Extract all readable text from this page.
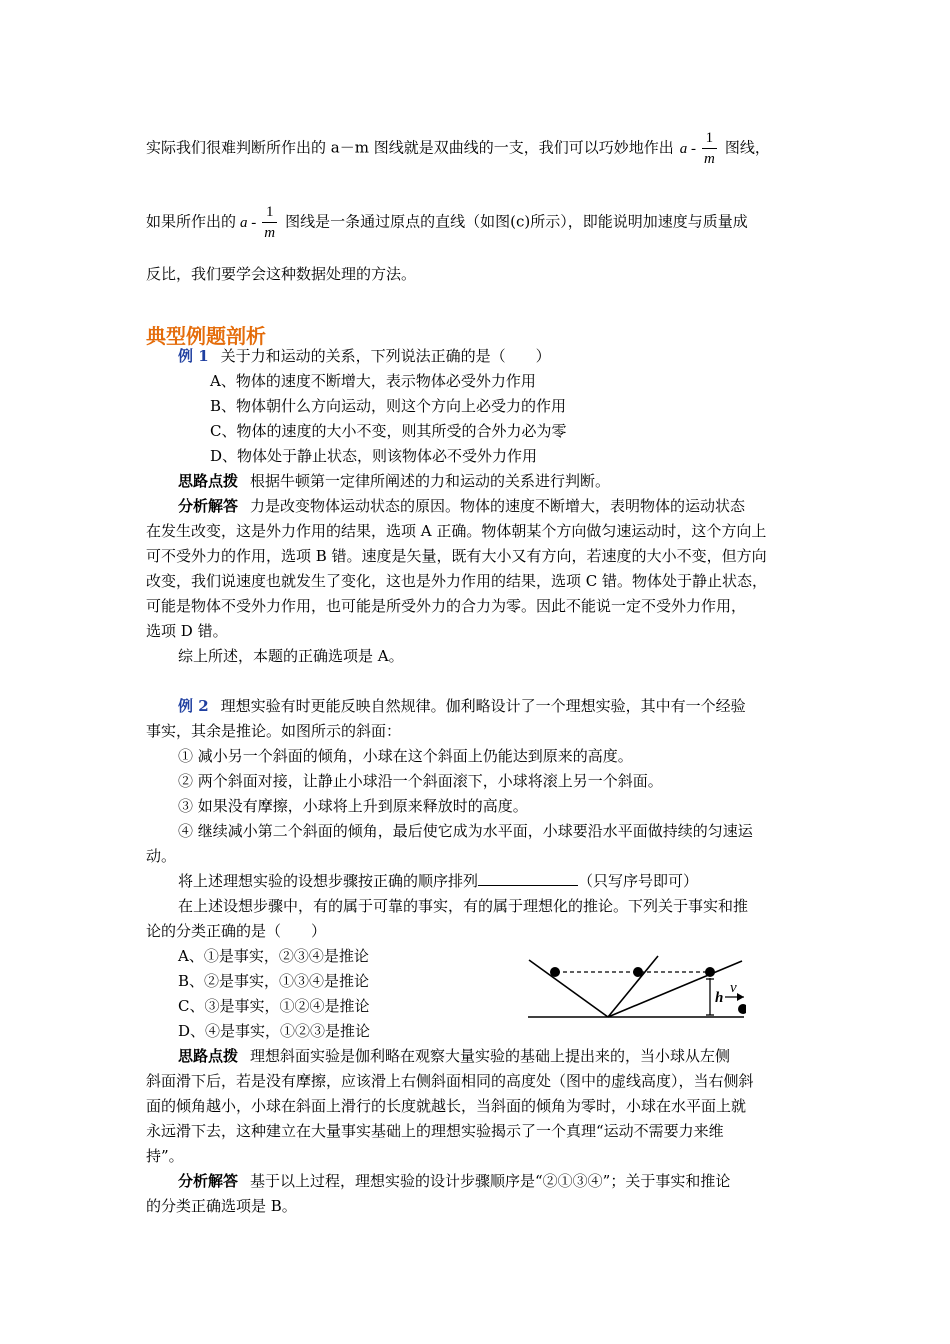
实际我们很难判断所作出的 a－m 图线就是双曲线的一支，我们可以巧妙地作出 a - $\frac{1}{m}$ 图线，
如果所作出的 a - $\frac{1}{m}$ 图线是一条通过原点的直线（如图(c)所示），即能说明加速度与质量成
反比，我们要学会这种数据处理的方法。
典型例题剖析
例 1 关于力和运动的关系，下列说法正确的是（　　）
A、物体的速度不断增大，表示物体必受外力作用
B、物体朝什么方向运动，则这个方向上必受力的作用
C、物体的速度的大小不变，则其所受的合外力必为零
D、物体处于静止状态，则该物体必不受外力作用
思路点拨 根据牛顿第一定律所阐述的力和运动的关系进行判断。
分析解答 力是改变物体运动状态的原因。物体的速度不断增大，表明物体的运动状态
在发生改变，这是外力作用的结果，选项 A 正确。物体朝某个方向做匀速运动时，这个方向上
可不受外力的作用，选项 B 错。速度是矢量，既有大小又有方向，若速度的大小不变，但方向
改变，我们说速度也就发生了变化，这也是外力作用的结果，选项 C 错。物体处于静止状态，
可能是物体不受外力作用，也可能是所受外力的合力为零。因此不能说一定不受外力作用，
选项 D 错。
综上所述，本题的正确选项是 A。
例 2 理想实验有时更能反映自然规律。伽利略设计了一个理想实验，其中有一个经验
事实，其余是推论。如图所示的斜面：
① 减小另一个斜面的倾角，小球在这个斜面上仍能达到原来的高度。
② 两个斜面对接，让静止小球沿一个斜面滚下，小球将滚上另一个斜面。
③ 如果没有摩擦，小球将上升到原来释放时的高度。
④ 继续减小第二个斜面的倾角，最后使它成为水平面，小球要沿水平面做持续的匀速运
动。
将上述理想实验的设想步骤按正确的顺序排列	（只写序号即可）
在上述设想步骤中，有的属于可靠的事实，有的属于理想化的推论。下列关于事实和推
论的分类正确的是（　　）
A、①是事实，②③④是推论
B、②是事实，①③④是推论
C、③是事实，①②④是推论
D、④是事实，①②③是推论
h
v
思路点拨 理想斜面实验是伽利略在观察大量实验的基础上提出来的，当小球从左侧
斜面滑下后，若是没有摩擦，应该滑上右侧斜面相同的高度处（图中的虚线高度），当右侧斜
面的倾角越小，小球在斜面上滑行的长度就越长，当斜面的倾角为零时，小球在水平面上就
永远滑下去，这种建立在大量事实基础上的理想实验揭示了一个真理“运动不需要力来维
持”。
分析解答 基于以上过程，理想实验的设计步骤顺序是“②①③④”；关于事实和推论
的分类正确选项是 B。
